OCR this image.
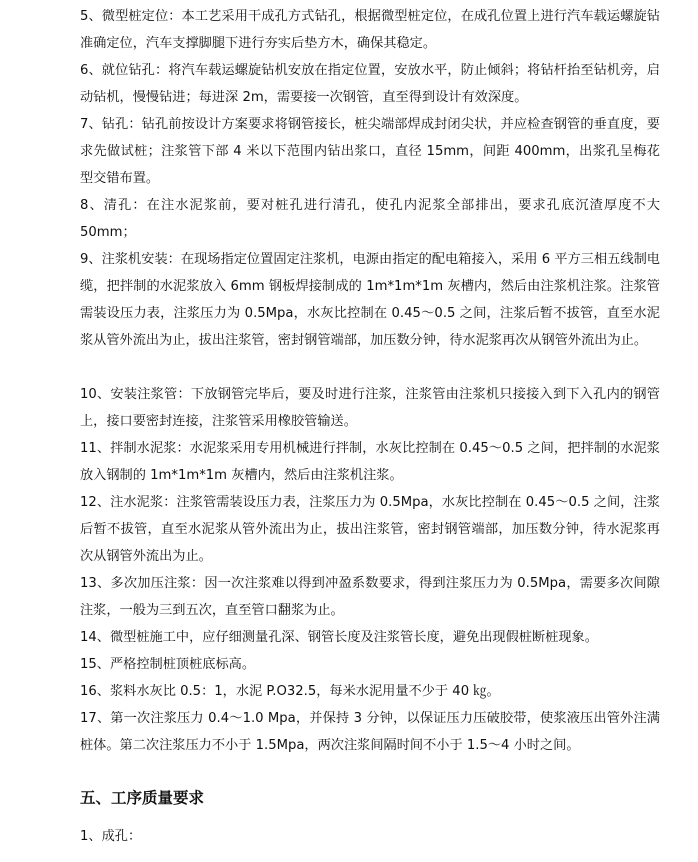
5、微型桩定位：本工艺采用干成孔方式钻孔，根据微型桩定位，在成孔位置上进行汽车载运螺旋钻准确定位，汽车支撑脚腿下进行夯实后垫方木，确保其稳定。

6、就位钻孔：将汽车载运螺旋钻机安放在指定位置，安放水平，防止倾斜；将钻杆抬至钻机旁，启动钻机，慢慢钻进；每进深 2m，需要接一次钢管，直至得到设计有效深度。

7、钻孔：钻孔前按设计方案要求将钢管接长，桩尖端部焊成封闭尖状，并应检查钢管的垂直度，要求先做试桩；注浆管下部 4 米以下范围内钻出浆口，直径 15mm，间距 400mm，出浆孔呈梅花型交错布置。

8、清孔：在注水泥浆前，要对桩孔进行清孔，使孔内泥浆全部排出，要求孔底沉渣厚度不大 50mm；

9、注浆机安装：在现场指定位置固定注浆机，电源由指定的配电箱接入，采用 6 平方三相五线制电缆，把拌制的水泥浆放入 6mm 钢板焊接制成的 1m*1m*1m 灰槽内，然后由注浆机注浆。注浆管需装设压力表，注浆压力为 0.5Mpa，水灰比控制在 0.45～0.5 之间，注浆后暂不拔管，直至水泥浆从管外流出为止，拔出注浆管，密封钢管端部，加压数分钟，待水泥浆再次从钢管外流出为止。

10、安装注浆管：下放钢管完毕后，要及时进行注浆，注浆管由注浆机只接接入到下入孔内的钢管上，接口要密封连接，注浆管采用橡胶管输送。

11、拌制水泥浆：水泥浆采用专用机械进行拌制，水灰比控制在 0.45～0.5 之间，把拌制的水泥浆放入钢制的 1m*1m*1m 灰槽内，然后由注浆机注浆。

12、注水泥浆：注浆管需装设压力表，注浆压力为 0.5Mpa，水灰比控制在 0.45～0.5 之间，注浆后暂不拔管，直至水泥浆从管外流出为止，拔出注浆管，密封钢管端部，加压数分钟，待水泥浆再次从钢管外流出为止。

13、多次加压注浆：因一次注浆难以得到冲盈系数要求，得到注浆压力为 0.5Mpa，需要多次间隙注浆，一般为三到五次，直至管口翻浆为止。

14、微型桩施工中，应仔细测量孔深、钢管长度及注浆管长度，避免出现假桩断桩现象。

15、严格控制桩顶桩底标高。

16、浆料水灰比 0.5：1，水泥 P.O32.5，每米水泥用量不少于 40 ㎏。

17、第一次注浆压力 0.4～1.0 Mpa，并保持 3 分钟，以保证压力压破胶带，使浆液压出管外注满桩体。第二次注浆压力不小于 1.5Mpa，两次注浆间隔时间不小于 1.5～4 小时之间。

五、工序质量要求

1、成孔：
